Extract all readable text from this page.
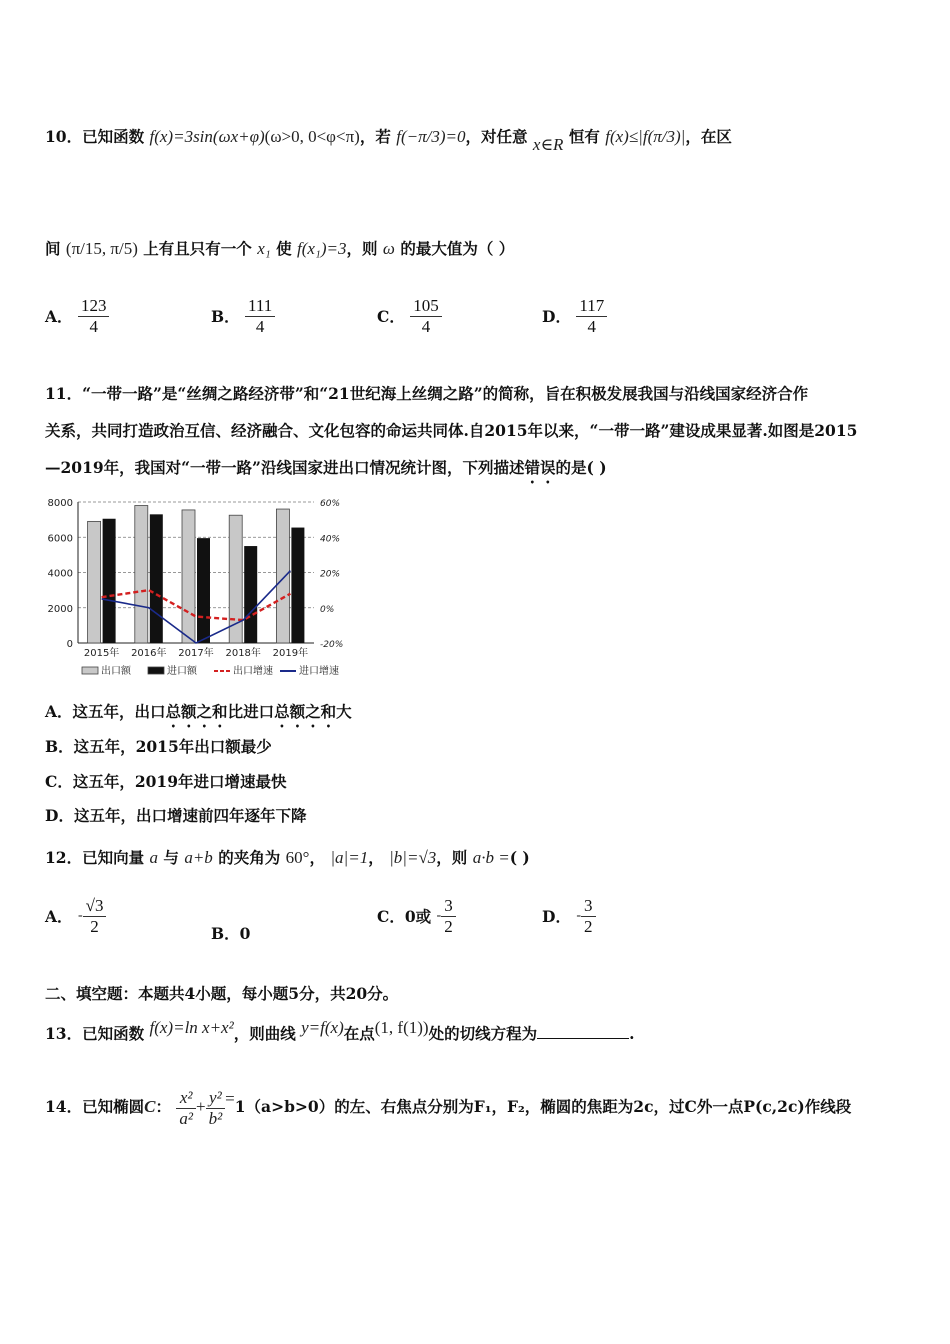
10．已知函数 f(x)=3sin(ωx+φ)(ω>0, 0<φ<π)，若 f(−π/3)=0，对任意 x∈R 恒有 f(x)≤|f(π/3)|，在区
间 (π/15, π/5) 上有且只有一个 x₁ 使 f(x₁)=3，则 ω 的最大值为（ ）
A． $\frac{123}{4}$	B． $\frac{111}{4}$	C． $\frac{105}{4}$	D． $\frac{117}{4}$
11．“一带一路”是“丝绸之路经济带”和“21世纪海上丝绸之路”的简称，旨在积极发展我国与沿线国家经济合作
关系，共同打造政治互信、经济融合、文化包容的命运共同体.自2015年以来，“一带一路”建设成果显著.如图是2015
—2019年，我国对“一带一路”沿线国家进出口情况统计图，下列描述错误的是( )
8000
6000
4000
2000
0
60%
40%
20%
0%
-20%
2015年 2016年 2017年 2018年 2019年
出口额	进口额	出口增速	进口增速
A．这五年，出口总额之和比进口总额之和大
B．这五年，2015年出口额最少
C．这五年，2019年进口增速最快
D．这五年，出口增速前四年逐年下降
12．已知向量 a 与 a+b 的夹角为 60°， |a|=1， |b|=√3，则 a·b =( )
A． - $\frac{√3}{2}$	B．0
C．0或 - $\frac{3}{2}$	D． - $\frac{3}{2}$
二、填空题：本题共4小题，每小题5分，共20分。
13．已知函数 f(x)=ln x+x²，则曲线 y=f(x)在点(1, f(1))处的切线方程为	.
14．已知椭圆C： $\frac{\text{x²}}{\text{a²}} + \frac{\text{y²}}{\text{b²}} =1(a>b>0)$的左、右焦点分别为F₁，F₂，椭圆的焦距为2c，过C外一点P(c,2c)作线段
